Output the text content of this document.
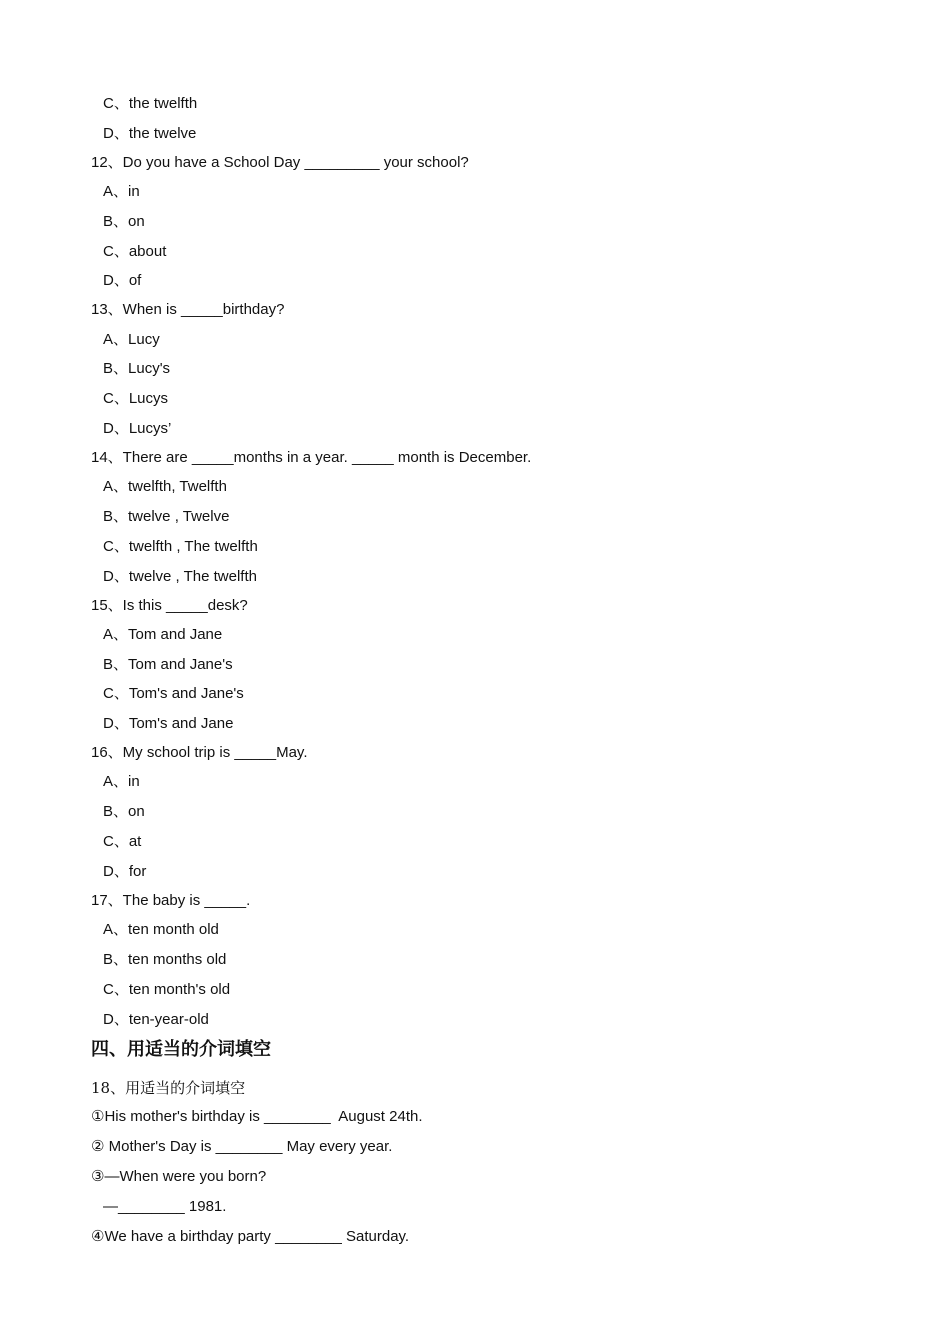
C、the twelfth
D、the twelve
12、Do you have a School Day _________ your school?
A、in
B、on
C、about
D、of
13、When is _____birthday?
A、Lucy
B、Lucy's
C、Lucys
D、Lucys’
14、There are _____months in a year. _____ month is December.
A、twelfth, Twelfth
B、twelve , Twelve
C、twelfth , The twelfth
D、twelve , The twelfth
15、Is this _____desk?
A、Tom and Jane
B、Tom and Jane's
C、Tom's and Jane's
D、Tom's and Jane
16、My school trip is _____May.
A、in
B、on
C、at
D、for
17、The baby is _____.
A、ten month old
B、ten months old
C、ten month's old
D、ten-year-old
四、用适当的介词填空
18、用适当的介词填空
①His mother's birthday is ________  August 24th.
② Mother's Day is ________ May every year.
③—When were you born?
—________ 1981.
④We have a birthday party ________ Saturday.
